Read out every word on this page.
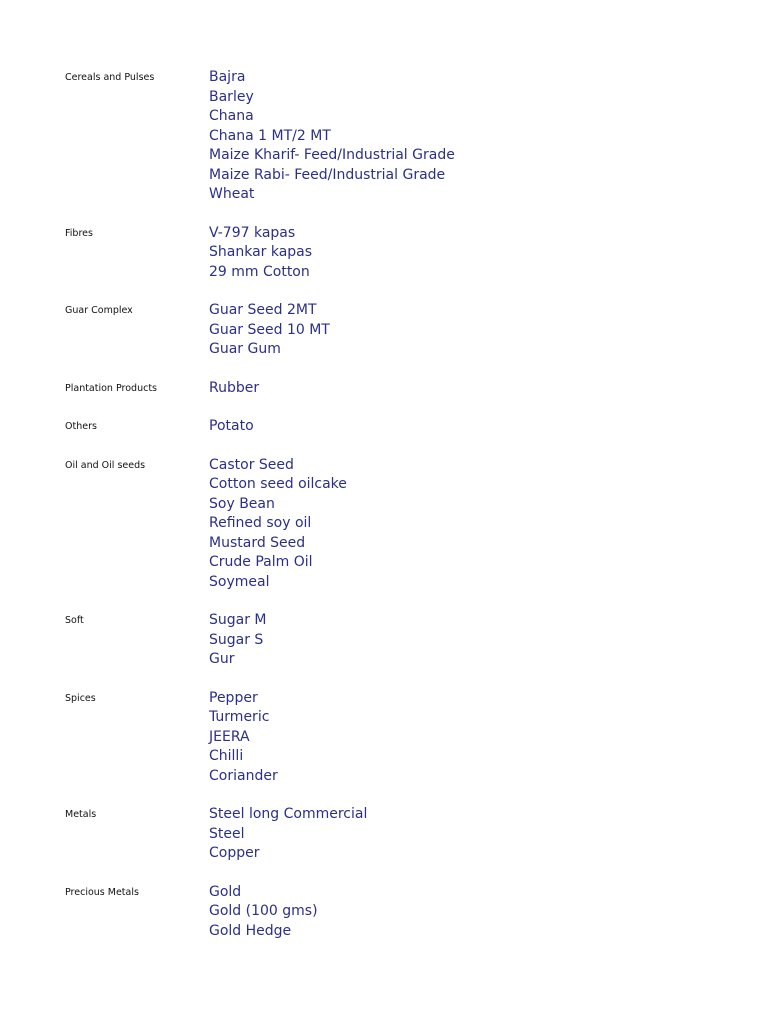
Cereals and Pulses	Bajra
Barley
Chana
Chana 1 MT/2 MT
Maize Kharif- Feed/Industrial Grade
Maize Rabi- Feed/Industrial Grade
Wheat
Fibres	V-797 kapas
Shankar kapas
29 mm Cotton
Guar Complex	Guar Seed 2MT
Guar Seed 10 MT
Guar Gum
Plantation Products	Rubber
Others	Potato
Oil and Oil seeds	Castor Seed
Cotton seed oilcake
Soy Bean
Refined soy oil
Mustard Seed
Crude Palm Oil
Soymeal
Soft	Sugar M
Sugar S
Gur
Spices	Pepper
Turmeric
JEERA
Chilli
Coriander
Metals	Steel long Commercial
Steel
Copper
Precious Metals	Gold
Gold (100 gms)
Gold Hedge
